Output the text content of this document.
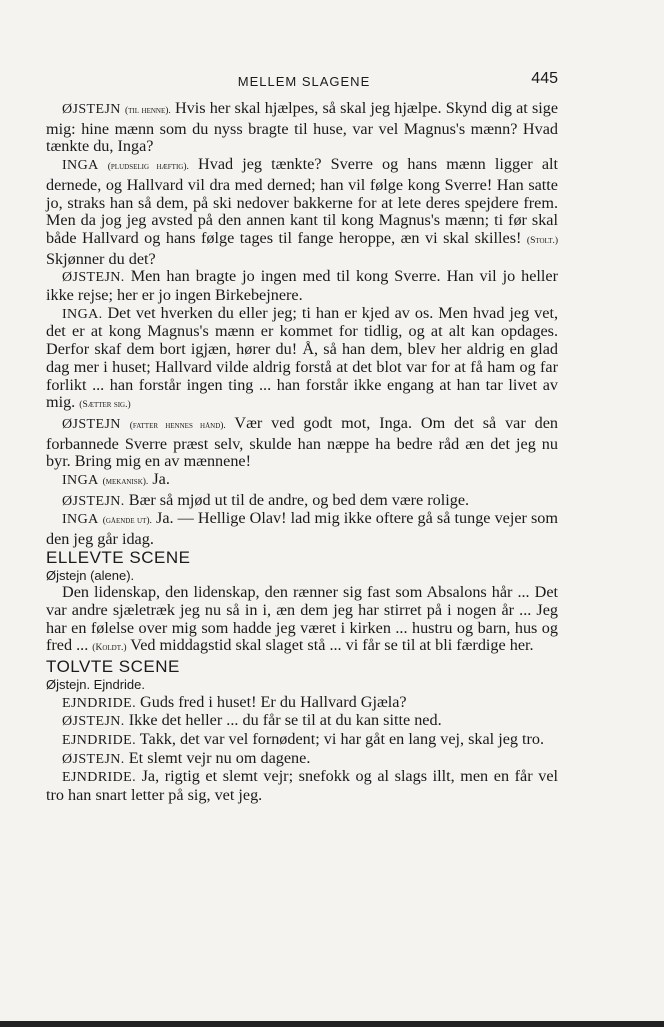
MELLEM SLAGENE	445

ØJSTEJN (til henne). Hvis her skal hjælpes, så skal jeg hjælpe. Skynd dig at sige mig: hine mænn som du nyss bragte til huse, var vel Magnus's mænn? Hvad tænkte du, Inga?

INGA (pludselig hæftig). Hvad jeg tænkte? Sverre og hans mænn ligger alt dernede, og Hallvard vil dra med derned; han vil følge kong Sverre! Han satte jo, straks han så dem, på ski nedover bakkerne for at lete deres spejdere frem. Men da jog jeg avsted på den annen kant til kong Magnus's mænn; ti før skal både Hallvard og hans følge tages til fange heroppe, æn vi skal skilles! (Stolt.) Skjønner du det?

ØJSTEJN. Men han bragte jo ingen med til kong Sverre. Han vil jo heller ikke rejse; her er jo ingen Birkebejnere.

INGA. Det vet hverken du eller jeg; ti han er kjed av os. Men hvad jeg vet, det er at kong Magnus's mænn er kommet for tidlig, og at alt kan opdages. Derfor skaf dem bort igjæn, hører du! Å, så han dem, blev her aldrig en glad dag mer i huset; Hallvard vilde aldrig forstå at det blot var for at få ham og far forlikt ... han forstår ingen ting ... han forstår ikke engang at han tar livet av mig. (Sætter sig.)

ØJSTEJN (fatter hennes hånd). Vær ved godt mot, Inga. Om det så var den forbannede Sverre præst selv, skulde han næppe ha bedre råd æn det jeg nu byr. Bring mig en av mænnene!

INGA (mekanisk). Ja.

ØJSTEJN. Bær så mjød ut til de andre, og bed dem være rolige.

INGA (gående ut). Ja. — Hellige Olav! lad mig ikke oftere gå så tunge vejer som den jeg går idag.

ELLEVTE SCENE

Øjstejn (alene).

Den lidenskap, den lidenskap, den rænner sig fast som Absalons hår ... Det var andre sjæletræk jeg nu så in i, æn dem jeg har stirret på i nogen år ... Jeg har en følelse over mig som hadde jeg været i kirken ... hustru og barn, hus og fred ... (Koldt.) Ved middagstid skal slaget stå ... vi får se til at bli færdige her.

TOLVTE SCENE

Øjstejn. Ejndride.

EJNDRIDE. Guds fred i huset! Er du Hallvard Gjæla?

ØJSTEJN. Ikke det heller ... du får se til at du kan sitte ned.

EJNDRIDE. Takk, det var vel fornødent; vi har gåt en lang vej, skal jeg tro.

ØJSTEJN. Et slemt vejr nu om dagene.

EJNDRIDE. Ja, rigtig et slemt vejr; snefokk og al slags illt, men en får vel tro han snart letter på sig, vet jeg.
